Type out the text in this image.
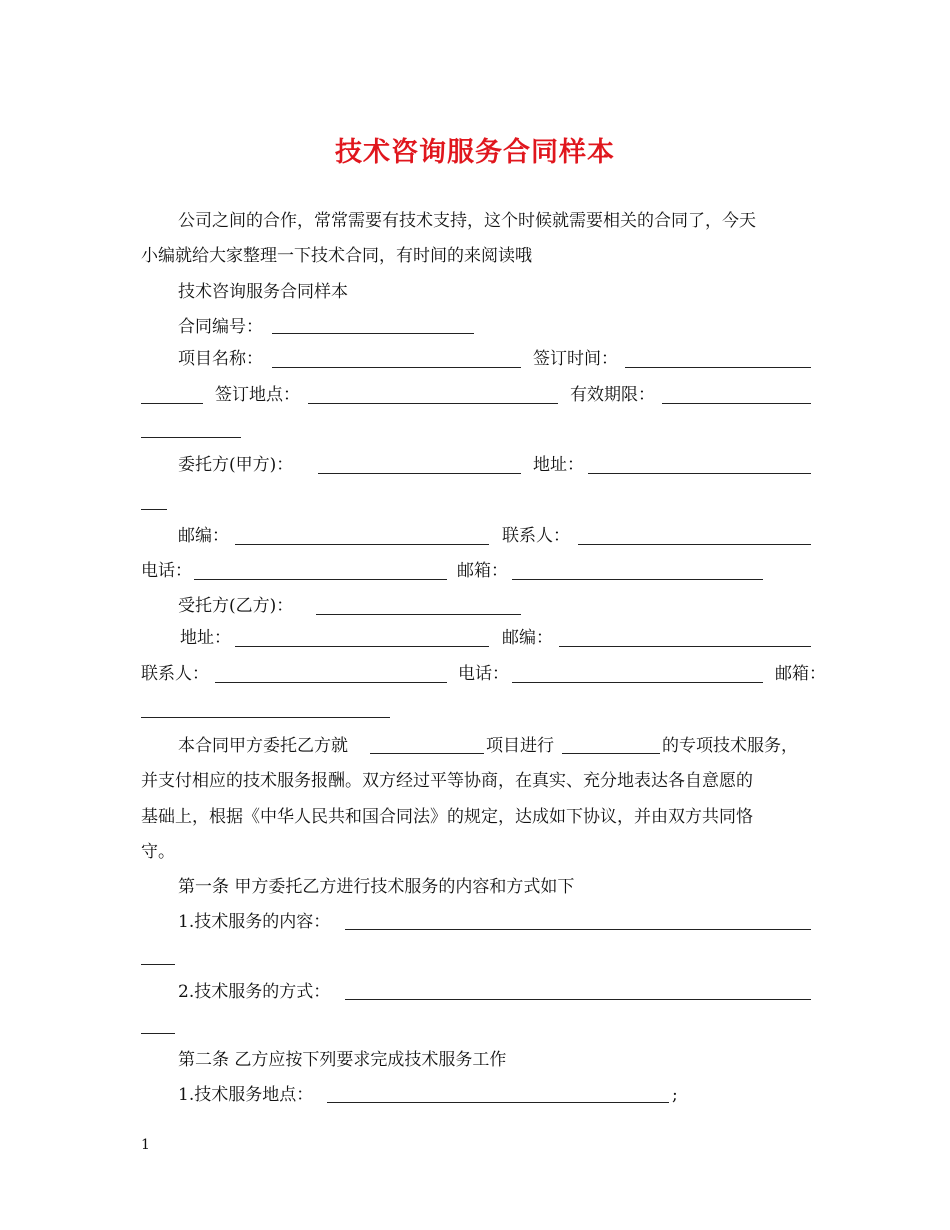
技术咨询服务合同样本
公司之间的合作，常常需要有技术支持，这个时候就需要相关的合同了，今天
小编就给大家整理一下技术合同，有时间的来阅读哦
技术咨询服务合同样本
合同编号：
项目名称：	签订时间：
签订地点：	有效期限：
委托方(甲方)：	地址：
邮编：	联系人：
电话：	邮箱：
受托方(乙方)：
地址：	邮编：
联系人：	电话：	邮箱：
本合同甲方委托乙方就	项目进行	的专项技术服务，
并支付相应的技术服务报酬。双方经过平等协商，在真实、充分地表达各自意愿的
基础上，根据《中华人民共和国合同法》的规定，达成如下协议，并由双方共同恪
守。
第一条 甲方委托乙方进行技术服务的内容和方式如下
1.技术服务的内容：
2.技术服务的方式：
第二条 乙方应按下列要求完成技术服务工作
1.技术服务地点：	;
1
